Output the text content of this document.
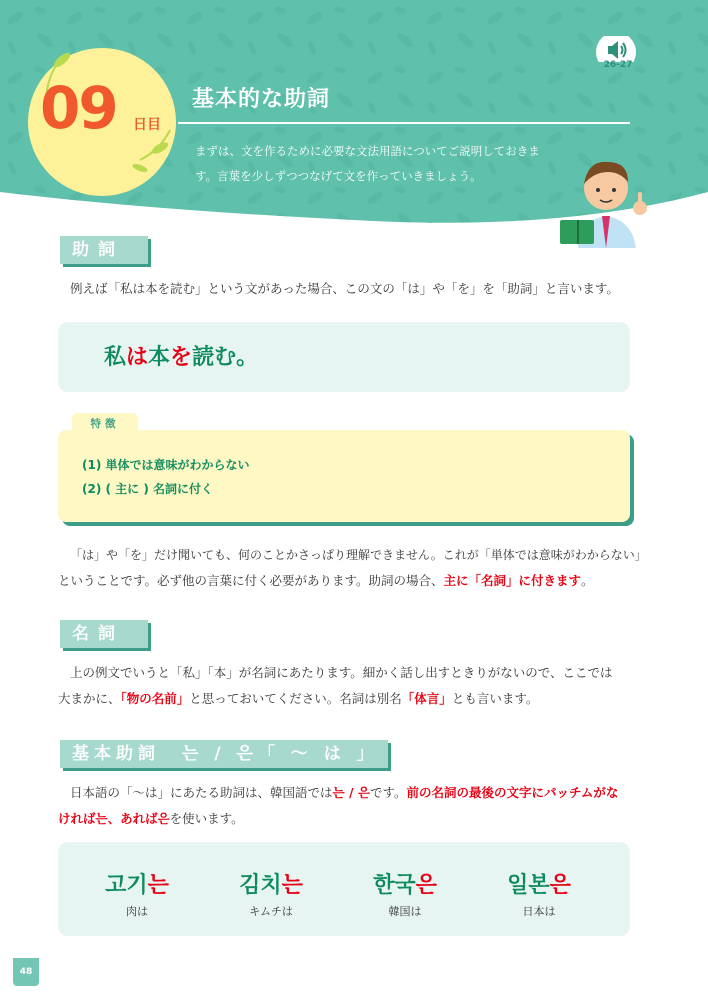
26-27
09 日目
基本的な助詞
まずは、文を作るために必要な文法用語についてご説明しておきま
す。言葉を少しずつつなげて文を作っていきましょう。
助詞
例えば「私は本を読む」という文があった場合、この文の「は」や「を」を「助詞」と言います。
私は本を読む。
特徴
(1) 単体では意味がわからない
(2) ( 主に ) 名詞に付く
「は」や「を」だけ聞いても、何のことかさっぱり理解できません。これが「単体では意味がわからない」
ということです。必ず他の言葉に付く必要があります。助詞の場合、主に「名詞」に付きます。
名詞
上の例文でいうと「私」「本」が名詞にあたります。細かく話し出すときりがないので、ここでは
大まかに、「物の名前」と思っておいてください。名詞は別名「体言」とも言います。
基本助詞　는 / 은「 ～ は 」
日本語の「～は」にあたる助詞は、韓国語では는 / 은です。前の名詞の最後の文字にパッチムがな
ければ는、あれば은を使います。
고기는
肉は
김치는
キムチは
한국은
韓国は
일본은
日本は
48
